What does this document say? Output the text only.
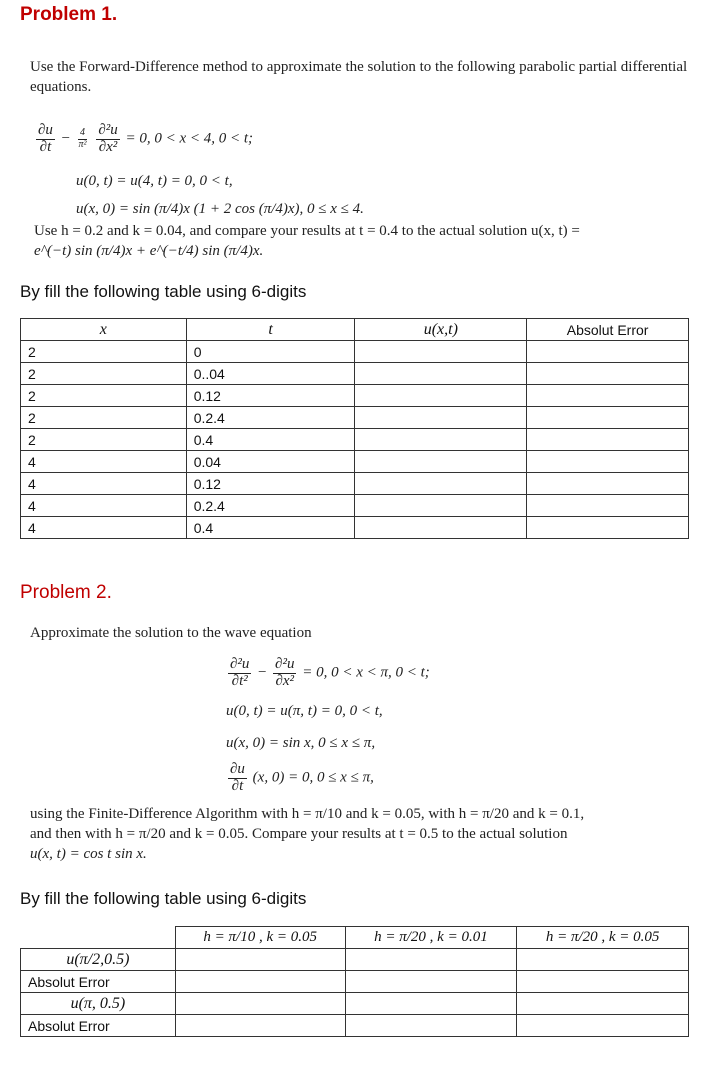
Problem 1.
Use the Forward-Difference method to approximate the solution to the following parabolic partial differential equations.
$\frac{\partial u}{\partial t} - \frac{4}{\text{π²}}$
$\frac{\text{∂²u}}{\text{∂x²}} = 0$, 0 < x < 4, 0 < t;
u(0, t) = u(4, t) = 0, 0 < t,
u(x, 0) = sin (π/4)x (1 + 2 cos (π/4)x), 0 ≤ x ≤ 4.
Use h = 0.2 and k = 0.04, and compare your results at t = 0.4 to the actual solution u(x, t) =
e^(−t) sin (π/4)x + e^(−t/4) sin (π/4)x.
By fill the following table using 6-digits
x	t	u(x,t)	Absolut Error
2	0		
2	0..04		
2	0.12		
2	0.2.4		
2	0.4		
4	0.04		
4	0.12		
4	0.2.4		
4	0.4		
Problem 2.
Approximate the solution to the wave equation
$\frac{\text{∂²u}}{\text{∂t²}} - \frac{\text{∂²u}}{\text{∂x²}} = 0$, 0 < x < π, 0 < t;
u(0, t) = u(π, t) = 0, 0 < t,
u(x, 0) = sin x, 0 ≤ x ≤ π,
$\frac{\partial u}{\partial t} (x$, 0) = 0, 0 ≤ x ≤ π,
using the Finite-Difference Algorithm with h = π/10 and k = 0.05, with h = π/20 and k = 0.1,
and then with h = π/20 and k = 0.05. Compare your results at t = 0.5 to the actual solution
u(x, t) = cos t sin x.
By fill the following table using 6-digits
	h = π/10 , k = 0.05	h = π/20 , k = 0.01	h = π/20 , k = 0.05
u(π/2,0.5)			
Absolut Error			
u(π, 0.5)			
Absolut Error			
